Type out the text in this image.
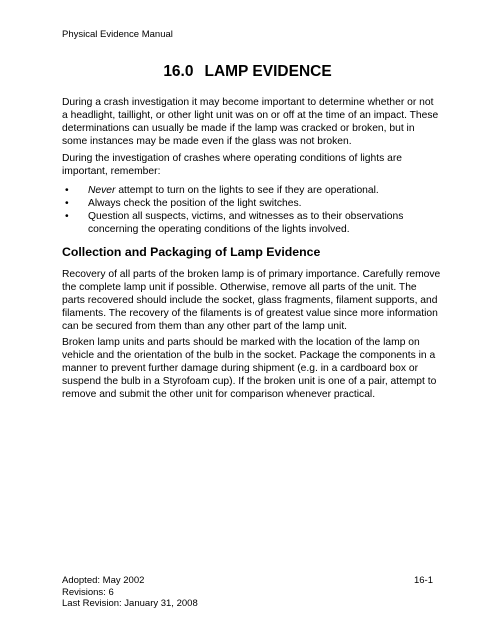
Physical Evidence Manual
16.0 LAMP EVIDENCE

During a crash investigation it may become important to determine whether or not a headlight, taillight, or other light unit was on or off at the time of an impact. These determinations can usually be made if the lamp was cracked or broken, but in some instances may be made even if the glass was not broken.

During the investigation of crashes where operating conditions of lights are important, remember:

• Never attempt to turn on the lights to see if they are operational.
• Always check the position of the light switches.
• Question all suspects, victims, and witnesses as to their observations concerning the operating conditions of the lights involved.
Collection and Packaging of Lamp Evidence

Recovery of all parts of the broken lamp is of primary importance. Carefully remove the complete lamp unit if possible. Otherwise, remove all parts of the unit. The parts recovered should include the socket, glass fragments, filament supports, and filaments. The recovery of the filaments is of greatest value since more information can be secured from them than any other part of the lamp unit.

Broken lamp units and parts should be marked with the location of the lamp on vehicle and the orientation of the bulb in the socket. Package the components in a manner to prevent further damage during shipment (e.g. in a cardboard box or suspend the bulb in a Styrofoam cup). If the broken unit is one of a pair, attempt to remove and submit the other unit for comparison whenever practical.

Adopted: May 2002
Revisions: 6
Last Revision: January 31, 2008
16-1
